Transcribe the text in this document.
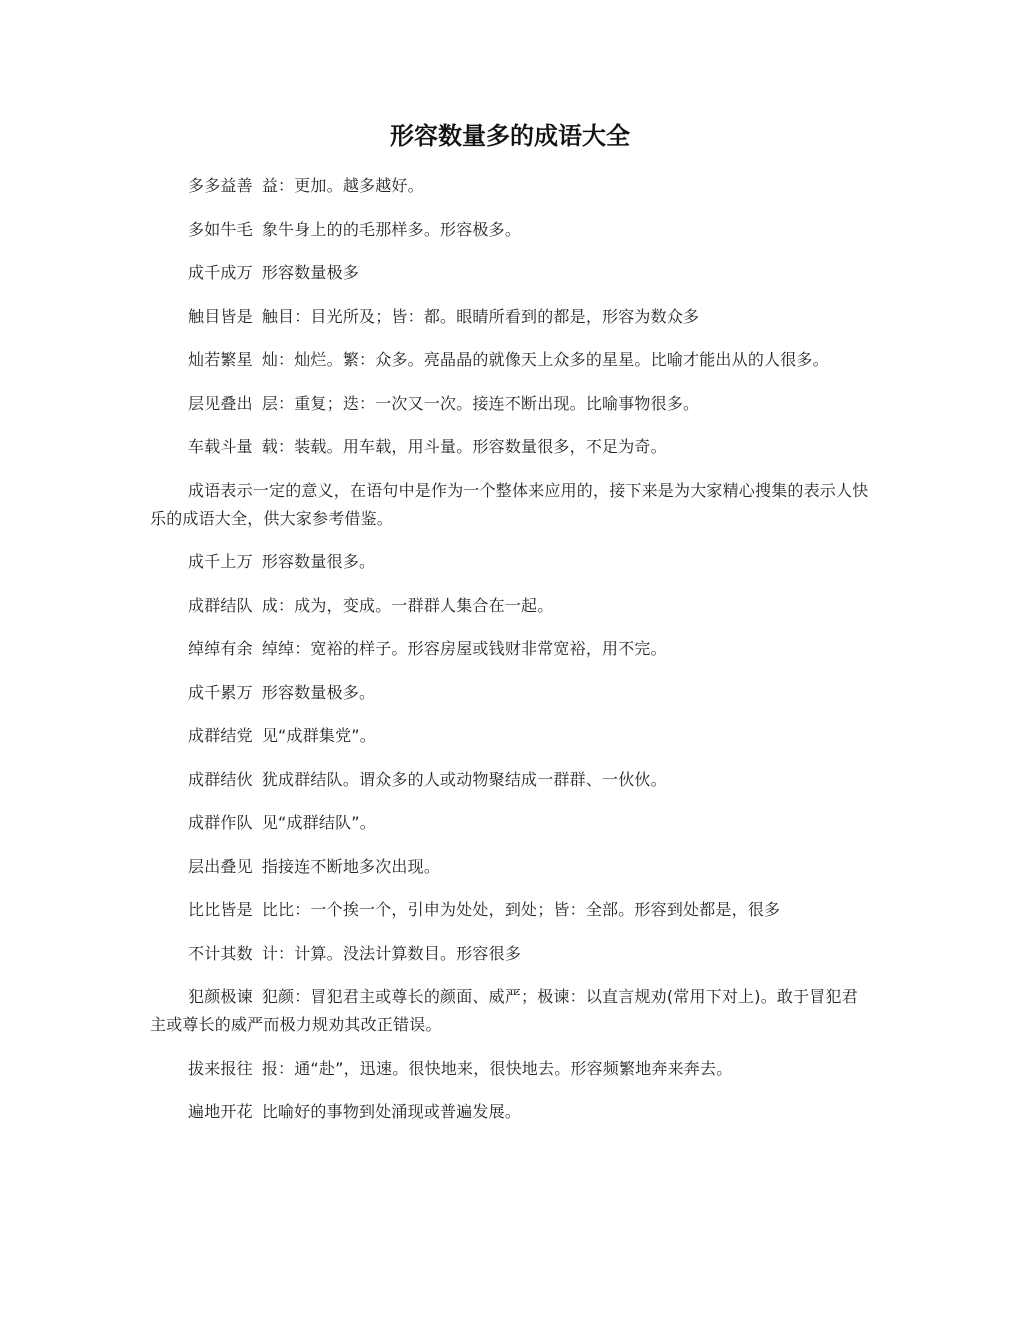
形容数量多的成语大全

多多益善 益：更加。越多越好。

多如牛毛 象牛身上的的毛那样多。形容极多。

成千成万 形容数量极多

触目皆是 触目：目光所及；皆：都。眼睛所看到的都是，形容为数众多

灿若繁星 灿：灿烂。繁：众多。亮晶晶的就像天上众多的星星。比喻才能出从的人很多。

层见叠出 层：重复；迭：一次又一次。接连不断出现。比喻事物很多。

车载斗量 载：装载。用车载，用斗量。形容数量很多，不足为奇。

成语表示一定的意义，在语句中是作为一个整体来应用的，接下来是为大家精心搜集的表示人快乐的成语大全，供大家参考借鉴。

成千上万 形容数量很多。

成群结队 成：成为，变成。一群群人集合在一起。

绰绰有余 绰绰：宽裕的样子。形容房屋或钱财非常宽裕，用不完。

成千累万 形容数量极多。

成群结党 见“成群集党”。

成群结伙 犹成群结队。谓众多的人或动物聚结成一群群、一伙伙。

成群作队 见“成群结队”。

层出叠见 指接连不断地多次出现。

比比皆是 比比：一个挨一个，引申为处处，到处；皆：全部。形容到处都是，很多

不计其数 计：计算。没法计算数目。形容很多

犯颜极谏 犯颜：冒犯君主或尊长的颜面、威严；极谏：以直言规劝(常用下对上)。敢于冒犯君主或尊长的威严而极力规劝其改正错误。

拔来报往 报：通“赴”，迅速。很快地来，很快地去。形容频繁地奔来奔去。

遍地开花 比喻好的事物到处涌现或普遍发展。
